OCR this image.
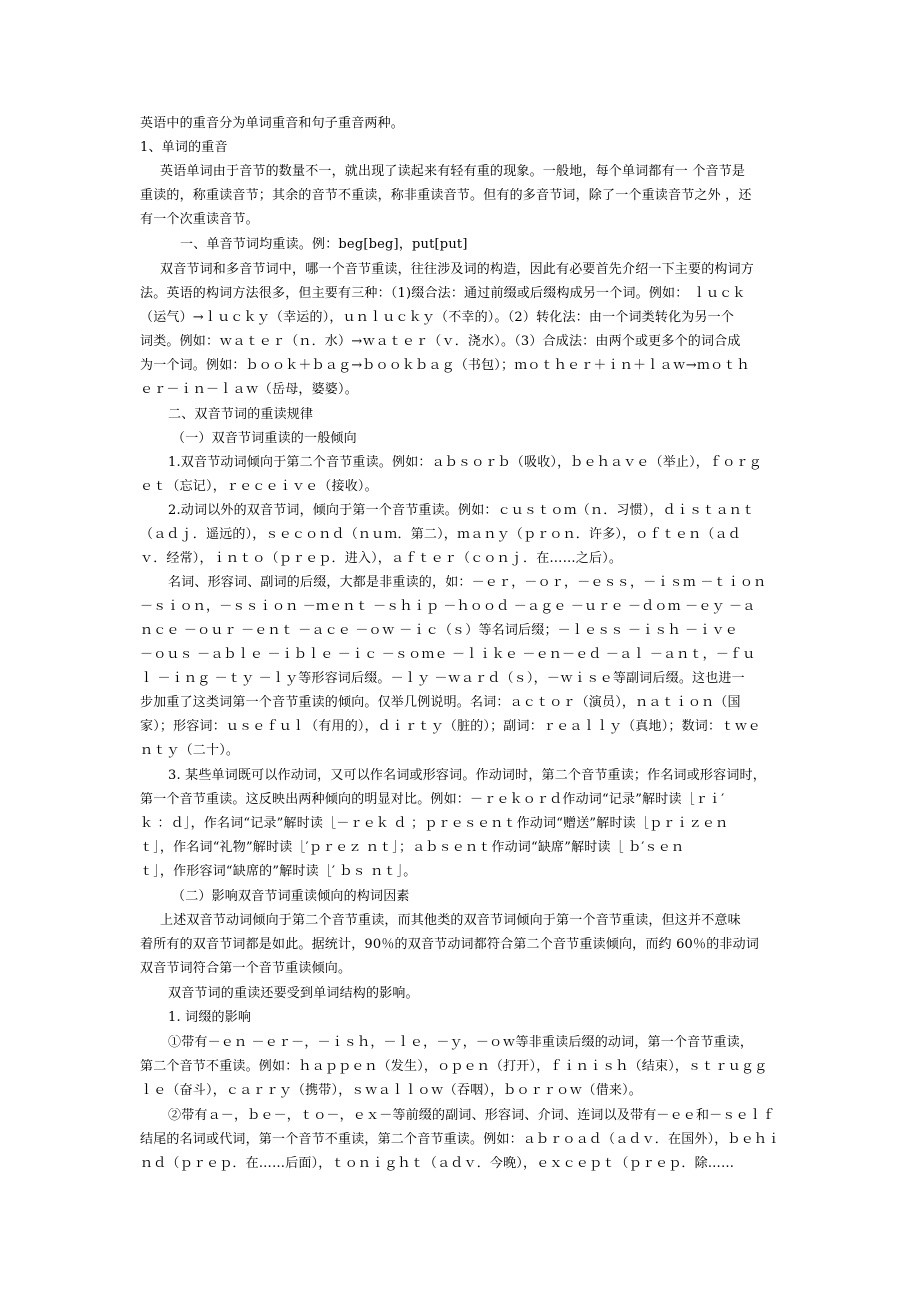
英语中的重音分为单词重音和句子重音两种。
1、单词的重音
英语单词由于音节的数量不一，就出现了读起来有轻有重的现象。一般地，每个单词都有一 个音节是
重读的，称重读音节；其余的音节不重读，称非重读音节。但有的多音节词，除了一个重读音节之外 ，还
有一个次重读音节。
一、单音节词均重读。例：beg[beg]，put[put]
双音节词和多音节词中，哪一个音节重读，往往涉及词的构造，因此有必要首先介绍一下主要的构词方
法。英语的构词方法很多，但主要有三种：（1)缀合法：通过前缀或后缀构成另一个词。例如： ｌｕｃｋ
（运气）→ｌｕｃｋｙ（幸运的），ｕｎｌｕｃｋｙ（不幸的）。（2）转化法：由一个词类转化为另一个
词类。例如：ｗａｔｅｒ（ｎ．水）→ｗａｔｅｒ（ｖ．浇水）。（3）合成法：由两个或更多个的词合成
为一个词。例如：ｂｏｏｋ＋ｂａｇ→ｂｏｏｋｂａｇ（书包）；ｍｏｔｈｅｒ＋ｉｎ＋ｌａｗ→ｍｏｔｈ
ｅｒ－ｉｎ－ｌａｗ（岳母，婆婆）。
二、双音节词的重读规律
（一）双音节词重读的一般倾向
1.双音节动词倾向于第二个音节重读。例如：ａｂｓｏｒｂ（吸收），ｂｅｈａｖｅ（举止），ｆｏｒｇ
ｅｔ（忘记），ｒｅｃｅｉｖｅ（接收）。
2.动词以外的双音节词，倾向于第一个音节重读。例如：ｃｕｓｔｏｍ（ｎ．习惯），ｄｉｓｔａｎｔ
（ａｄｊ．遥远的），ｓｅｃｏｎｄ（ｎｕｍ．第二），ｍａｎｙ（ｐｒｏｎ．许多），ｏｆｔｅｎ（ａｄ
ｖ．经常），ｉｎｔｏ（ｐｒｅｐ．进入），ａｆｔｅｒ（ｃｏｎｊ．在……之后）。
名词、形容词、副词的后缀，大都是非重读的，如：－ｅｒ，－ｏｒ，－ｅｓｓ，－ｉｓｍ －ｔｉｏｎ
－ｓｉｏｎ，－ｓｓｉｏｎ －ｍｅｎｔ －ｓｈｉｐ －ｈｏｏｄ －ａｇｅ －ｕｒｅ －ｄｏｍ －ｅｙ －ａ
ｎｃｅ －ｏｕｒ －ｅｎｔ －ａｃｅ －ｏｗ －ｉｃ（ｓ）等名词后缀；－ｌｅｓｓ －ｉｓｈ －ｉｖｅ
－ｏｕｓ －ａｂｌｅ －ｉｂｌｅ －ｉｃ －ｓｏｍｅ －ｌｉｋｅ －ｅｎ－ｅｄ －ａｌ －ａｎｔ，－ｆｕ
ｌ －ｉｎｇ －ｔｙ －ｌｙ等形容词后缀。－ｌｙ －ｗａｒｄ（ｓ），－ｗｉｓｅ等副词后缀。这也进一
步加重了这类词第一个音节重读的倾向。仅举几例说明。名词：ａｃｔｏｒ（演员），ｎａｔｉｏｎ（国
家）；形容词：ｕｓｅｆｕｌ（有用的），ｄｉｒｔｙ（脏的）；副词：ｒｅａｌｌｙ（真地）；数词：ｔｗｅ
ｎｔｙ（二十）。
3. 某些单词既可以作动词，又可以作名词或形容词。作动词时，第二个音节重读；作名词或形容词时，
第一个音节重读。这反映出两种倾向的明显对比。例如：－ｒｅｋｏｒｄ作动词“记录”解时读［ｒｉ′
ｋ ：ｄ］，作名词“记录”解时读［－ｒｅｋ ｄ ；ｐｒｅｓｅｎｔ作动词“赠送”解时读［ｐｒｉｚｅｎ
ｔ］，作名词“礼物”解时读［′ｐｒｅｚ ｎｔ］；ａｂｓｅｎｔ作动词“缺席”解时读［ ｂ′ｓｅｎ
ｔ］，作形容词“缺席的”解时读［′ ｂｓ ｎｔ］。
（二）影响双音节词重读倾向的构词因素
上述双音节动词倾向于第二个音节重读，而其他类的双音节词倾向于第一个音节重读，但这并不意味
着所有的双音节词都是如此。据统计，90％的双音节动词都符合第二个音节重读倾向，而约 60％的非动词
双音节词符合第一个音节重读倾向。
双音节词的重读还要受到单词结构的影响。
1. 词缀的影响
①带有－ｅｎ －ｅｒ－，－ｉｓｈ，－ｌｅ，－ｙ，－ｏｗ等非重读后缀的动词，第一个音节重读，
第二个音节不重读。例如：ｈａｐｐｅｎ（发生），ｏｐｅｎ（打开），ｆｉｎｉｓｈ（结束），ｓｔｒｕｇｇ
ｌｅ（奋斗），ｃａｒｒｙ（携带），ｓｗａｌｌｏｗ（吞咽），ｂｏｒｒｏｗ（借来）。
②带有ａ－，ｂｅ－，ｔｏ－，ｅｘ－等前缀的副词、形容词、介词、连词以及带有－ｅｅ和－ｓｅｌｆ
结尾的名词或代词，第一个音节不重读，第二个音节重读。例如：ａｂｒｏａｄ（ａｄｖ．在国外），ｂｅｈｉ
ｎｄ（ｐｒｅｐ．在……后面），ｔｏｎｉｇｈｔ（ａｄｖ．今晚），ｅｘｃｅｐｔ（ｐｒｅｐ．除……
